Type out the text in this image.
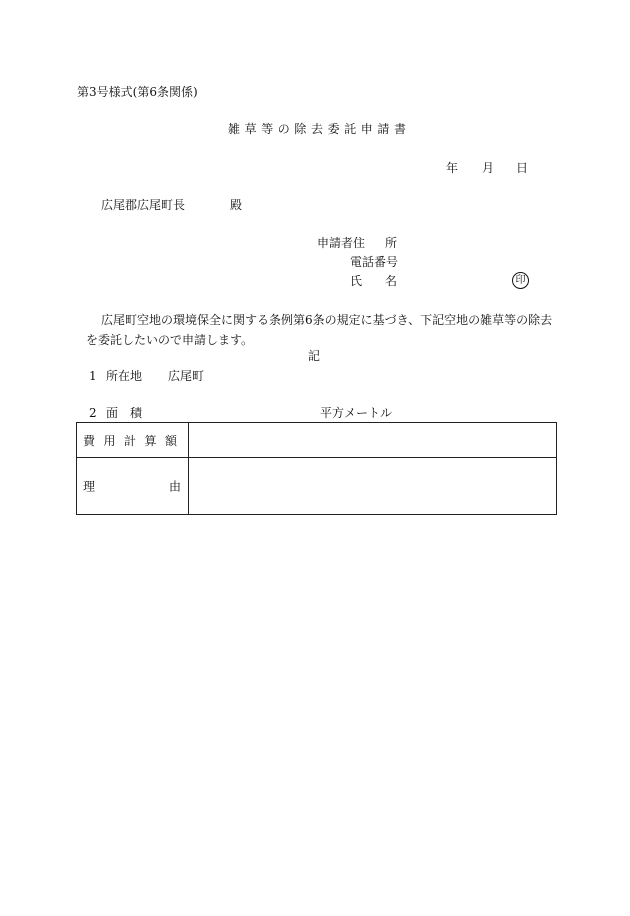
第3号様式(第6条関係)
雑草等の除去委託申請書
年 月 日
広尾郡広尾町長	殿
申請者住 所
電話番号
氏 名	印
広尾町空地の環境保全に関する条例第6条の規定に基づき、下記空地の雑草等の除去を委託したいので申請します。
記
1 所在地 広尾町
2 面 積	平方メートル
費用計算額	

理 由	
